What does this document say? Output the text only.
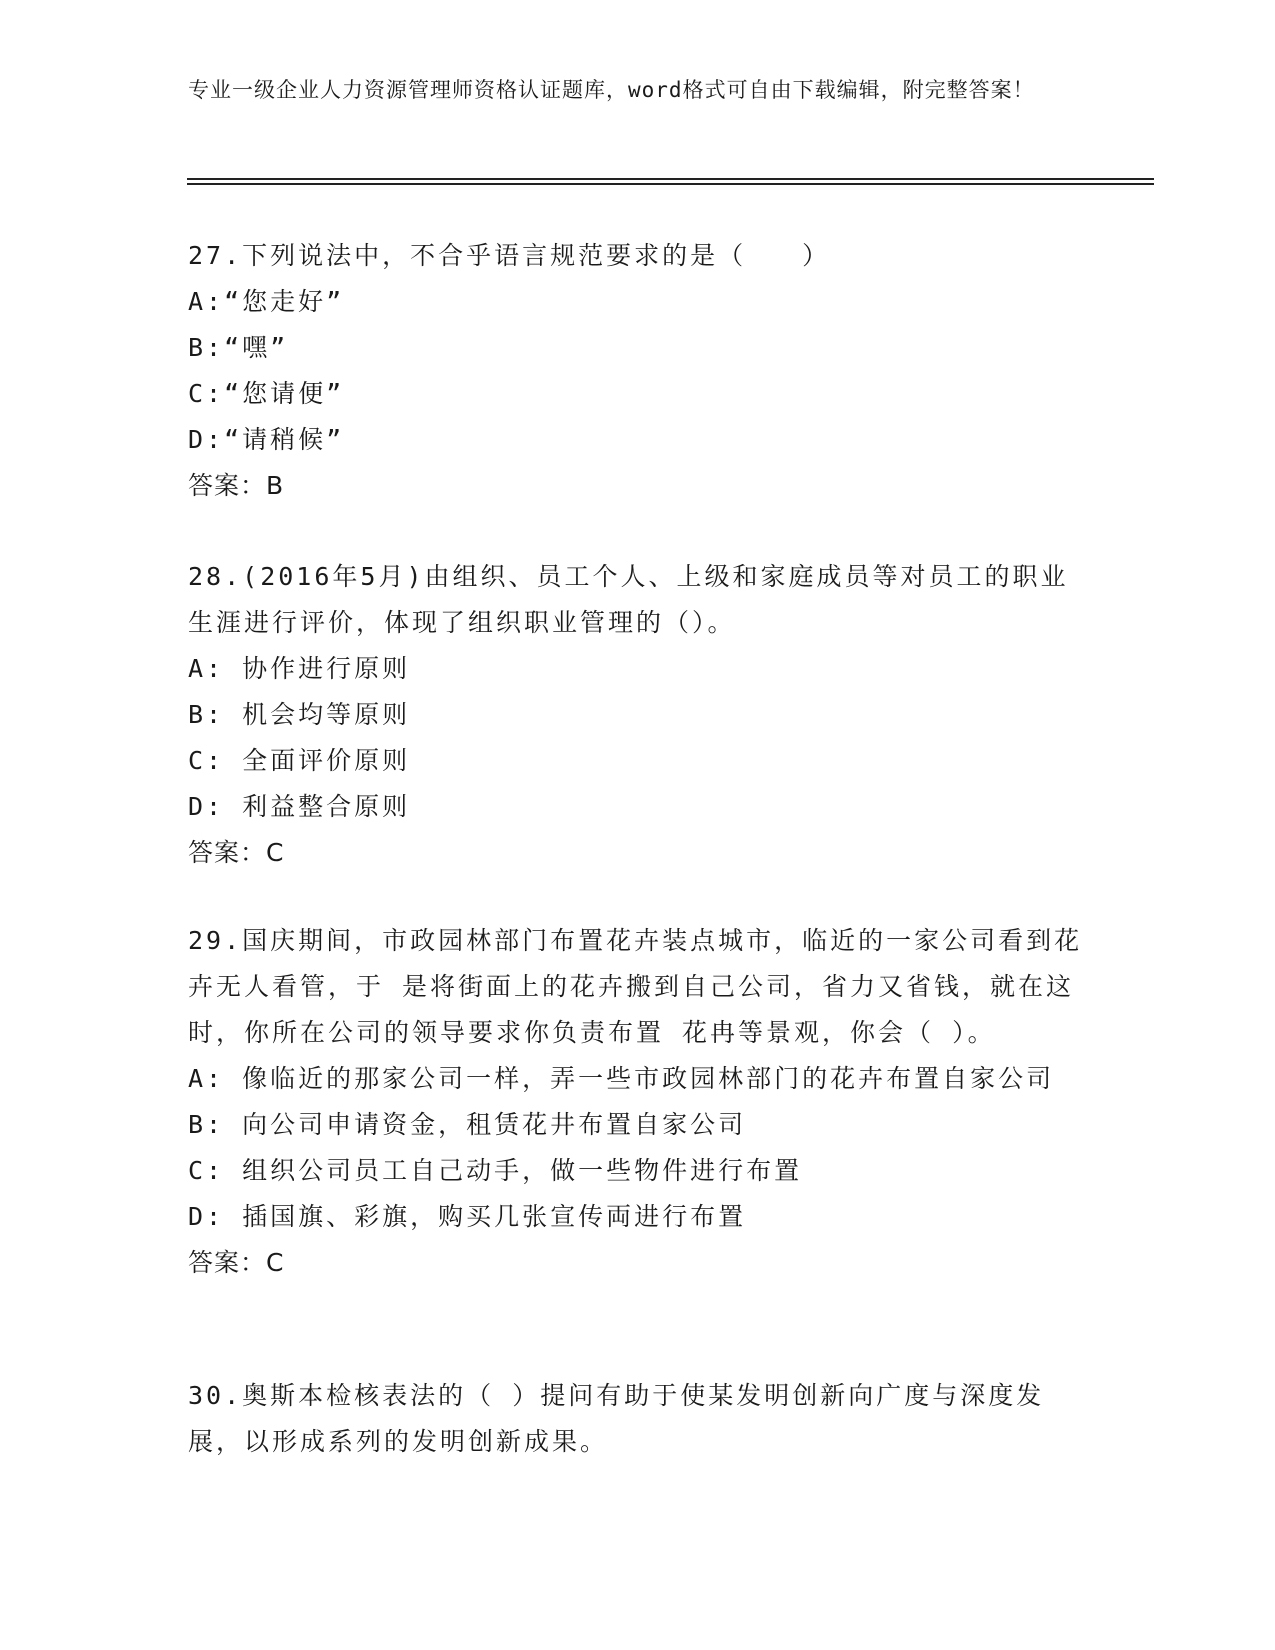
专业一级企业人力资源管理师资格认证题库，word格式可自由下载编辑，附完整答案！
27.下列说法中，不合乎语言规范要求的是（　　）
A:“您走好”
B:“嘿”
C:“您请便”
D:“请稍候”
答案：B
28.(2016年5月)由组织、员工个人、上级和家庭成员等对员工的职业生涯进行评价，体现了组织职业管理的（）。
A: 协作进行原则
B: 机会均等原则
C: 全面评价原则
D: 利益整合原则
答案：C
29.国庆期间，市政园林部门布置花卉装点城市，临近的一家公司看到花卉无人看管，于 是将街面上的花卉搬到自己公司，省力又省钱，就在这时，你所在公司的领导要求你负责布置 花冉等景观，你会（ ）。
A: 像临近的那家公司一样，弄一些市政园林部门的花卉布置自家公司
B: 向公司申请资金，租赁花井布置自家公司
C: 组织公司员工自己动手，做一些物件进行布置
D: 插国旗、彩旗，购买几张宣传両进行布置
答案：C
30.奥斯本检核表法的（ ）提问有助于使某发明创新向广度与深度发展，以形成系列的发明创新成果。
